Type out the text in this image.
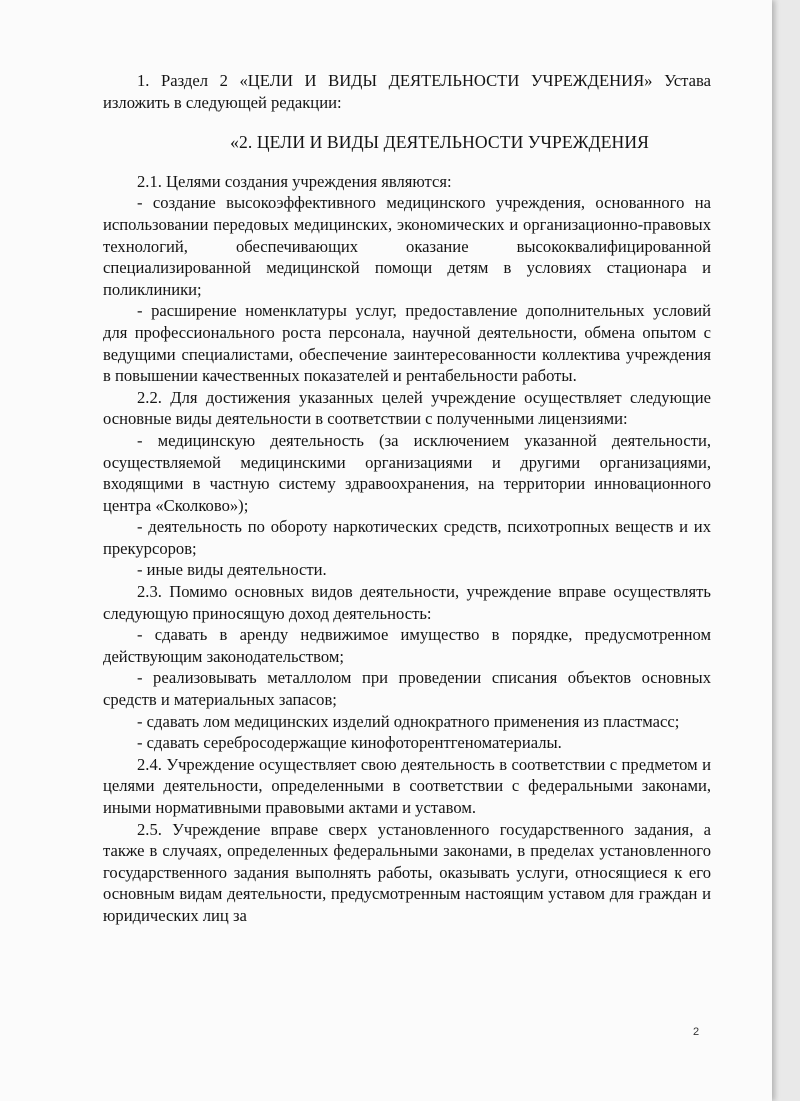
1. Раздел 2 «ЦЕЛИ И ВИДЫ ДЕЯТЕЛЬНОСТИ УЧРЕЖДЕНИЯ» Устава изложить в следующей редакции:

«2. ЦЕЛИ И ВИДЫ ДЕЯТЕЛЬНОСТИ УЧРЕЖДЕНИЯ

2.1. Целями создания учреждения являются:

- создание высокоэффективного медицинского учреждения, основанного на использовании передовых медицинских, экономических и организационно-правовых технологий, обеспечивающих оказание высококвалифицированной специализированной медицинской помощи детям в условиях стационара и поликлиники;

- расширение номенклатуры услуг, предоставление дополнительных условий для профессионального роста персонала, научной деятельности, обмена опытом с ведущими специалистами, обеспечение заинтересованности коллектива учреждения в повышении качественных показателей и рентабельности работы.

2.2. Для достижения указанных целей учреждение осуществляет следующие основные виды деятельности в соответствии с полученными лицензиями:

- медицинскую деятельность (за исключением указанной деятельности, осуществляемой медицинскими организациями и другими организациями, входящими в частную систему здравоохранения, на территории инновационного центра «Сколково»);

- деятельность по обороту наркотических средств, психотропных веществ и их прекурсоров;

- иные виды деятельности.

2.3. Помимо основных видов деятельности, учреждение вправе осуществлять следующую приносящую доход деятельность:

- сдавать в аренду недвижимое имущество в порядке, предусмотренном действующим законодательством;

- реализовывать металлолом при проведении списания объектов основных средств и материальных запасов;

- сдавать лом медицинских изделий однократного применения из пластмасс;

- сдавать серебросодержащие кинофоторентгеноматериалы.

2.4. Учреждение осуществляет свою деятельность в соответствии с предметом и целями деятельности, определенными в соответствии с федеральными законами, иными нормативными правовыми актами и уставом.

2.5. Учреждение вправе сверх установленного государственного задания, а также в случаях, определенных федеральными законами, в пределах установленного государственного задания выполнять работы, оказывать услуги, относящиеся к его основным видам деятельности, предусмотренным настоящим уставом для граждан и юридических лиц за

2
